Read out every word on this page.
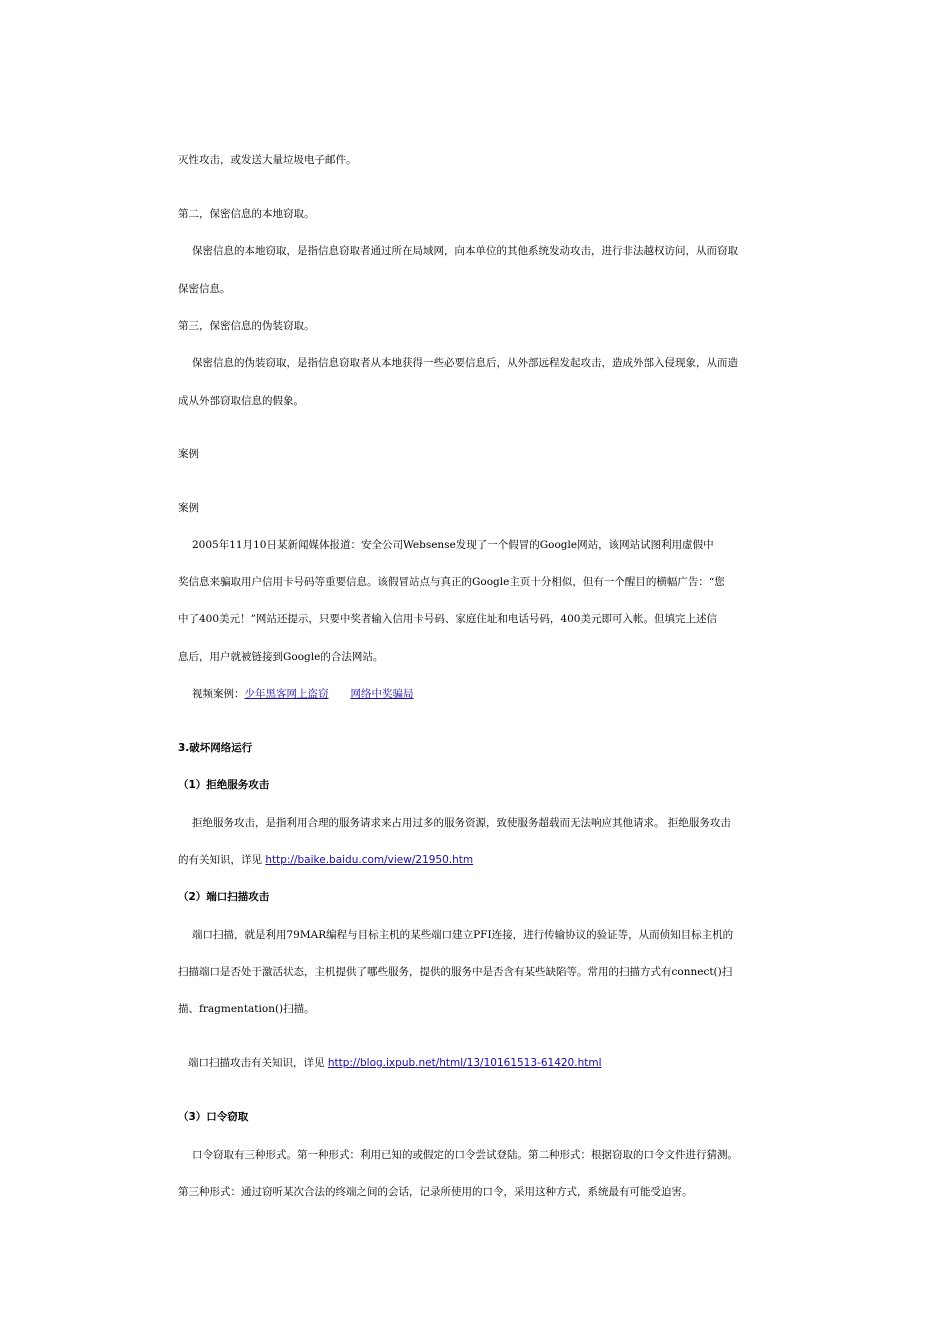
灭性攻击，或发送大量垃圾电子邮件。

第二，保密信息的本地窃取。

保密信息的本地窃取，是指信息窃取者通过所在局域网，向本单位的其他系统发动攻击，进行非法越权访问，从而窃取

保密信息。

第三，保密信息的伪装窃取。

保密信息的伪装窃取，是指信息窃取者从本地获得一些必要信息后，从外部远程发起攻击，造成外部入侵现象，从而造

成从外部窃取信息的假象。

案例

案例

2005年11月10日某新闻媒体报道：安全公司Websense发现了一个假冒的Google网站，该网站试图利用虚假中

奖信息来骗取用户信用卡号码等重要信息。该假冒站点与真正的Google主页十分相似，但有一个醒目的横幅广告：“您

中了400美元！”网站还提示，只要中奖者输入信用卡号码、家庭住址和电话号码，400美元即可入帐。但填完上述信

息后，用户就被链接到Google的合法网站。

视频案例：少年黑客网上盗窃 网络中奖骗局

3.破坏网络运行

（1）拒绝服务攻击

拒绝服务攻击，是指利用合理的服务请求来占用过多的服务资源，致使服务超载而无法响应其他请求。 拒绝服务攻击

的有关知识，详见 http://baike.baidu.com/view/21950.htm

（2）端口扫描攻击

端口扫描，就是利用79MAR编程与目标主机的某些端口建立PFI连接，进行传输协议的验证等，从而侦知目标主机的

扫描端口是否处于激活状态，主机提供了哪些服务，提供的服务中是否含有某些缺陷等。常用的扫描方式有connect()扫

描、fragmentation()扫描。

端口扫描攻击有关知识，详见 http://blog.ixpub.net/html/13/10161513-61420.html

（3）口令窃取

口令窃取有三种形式。第一种形式：利用已知的或假定的口令尝试登陆。第二种形式：根据窃取的口令文件进行猜测。

第三种形式：通过窃听某次合法的终端之间的会话，记录所使用的口令，采用这种方式，系统最有可能受迫害。
